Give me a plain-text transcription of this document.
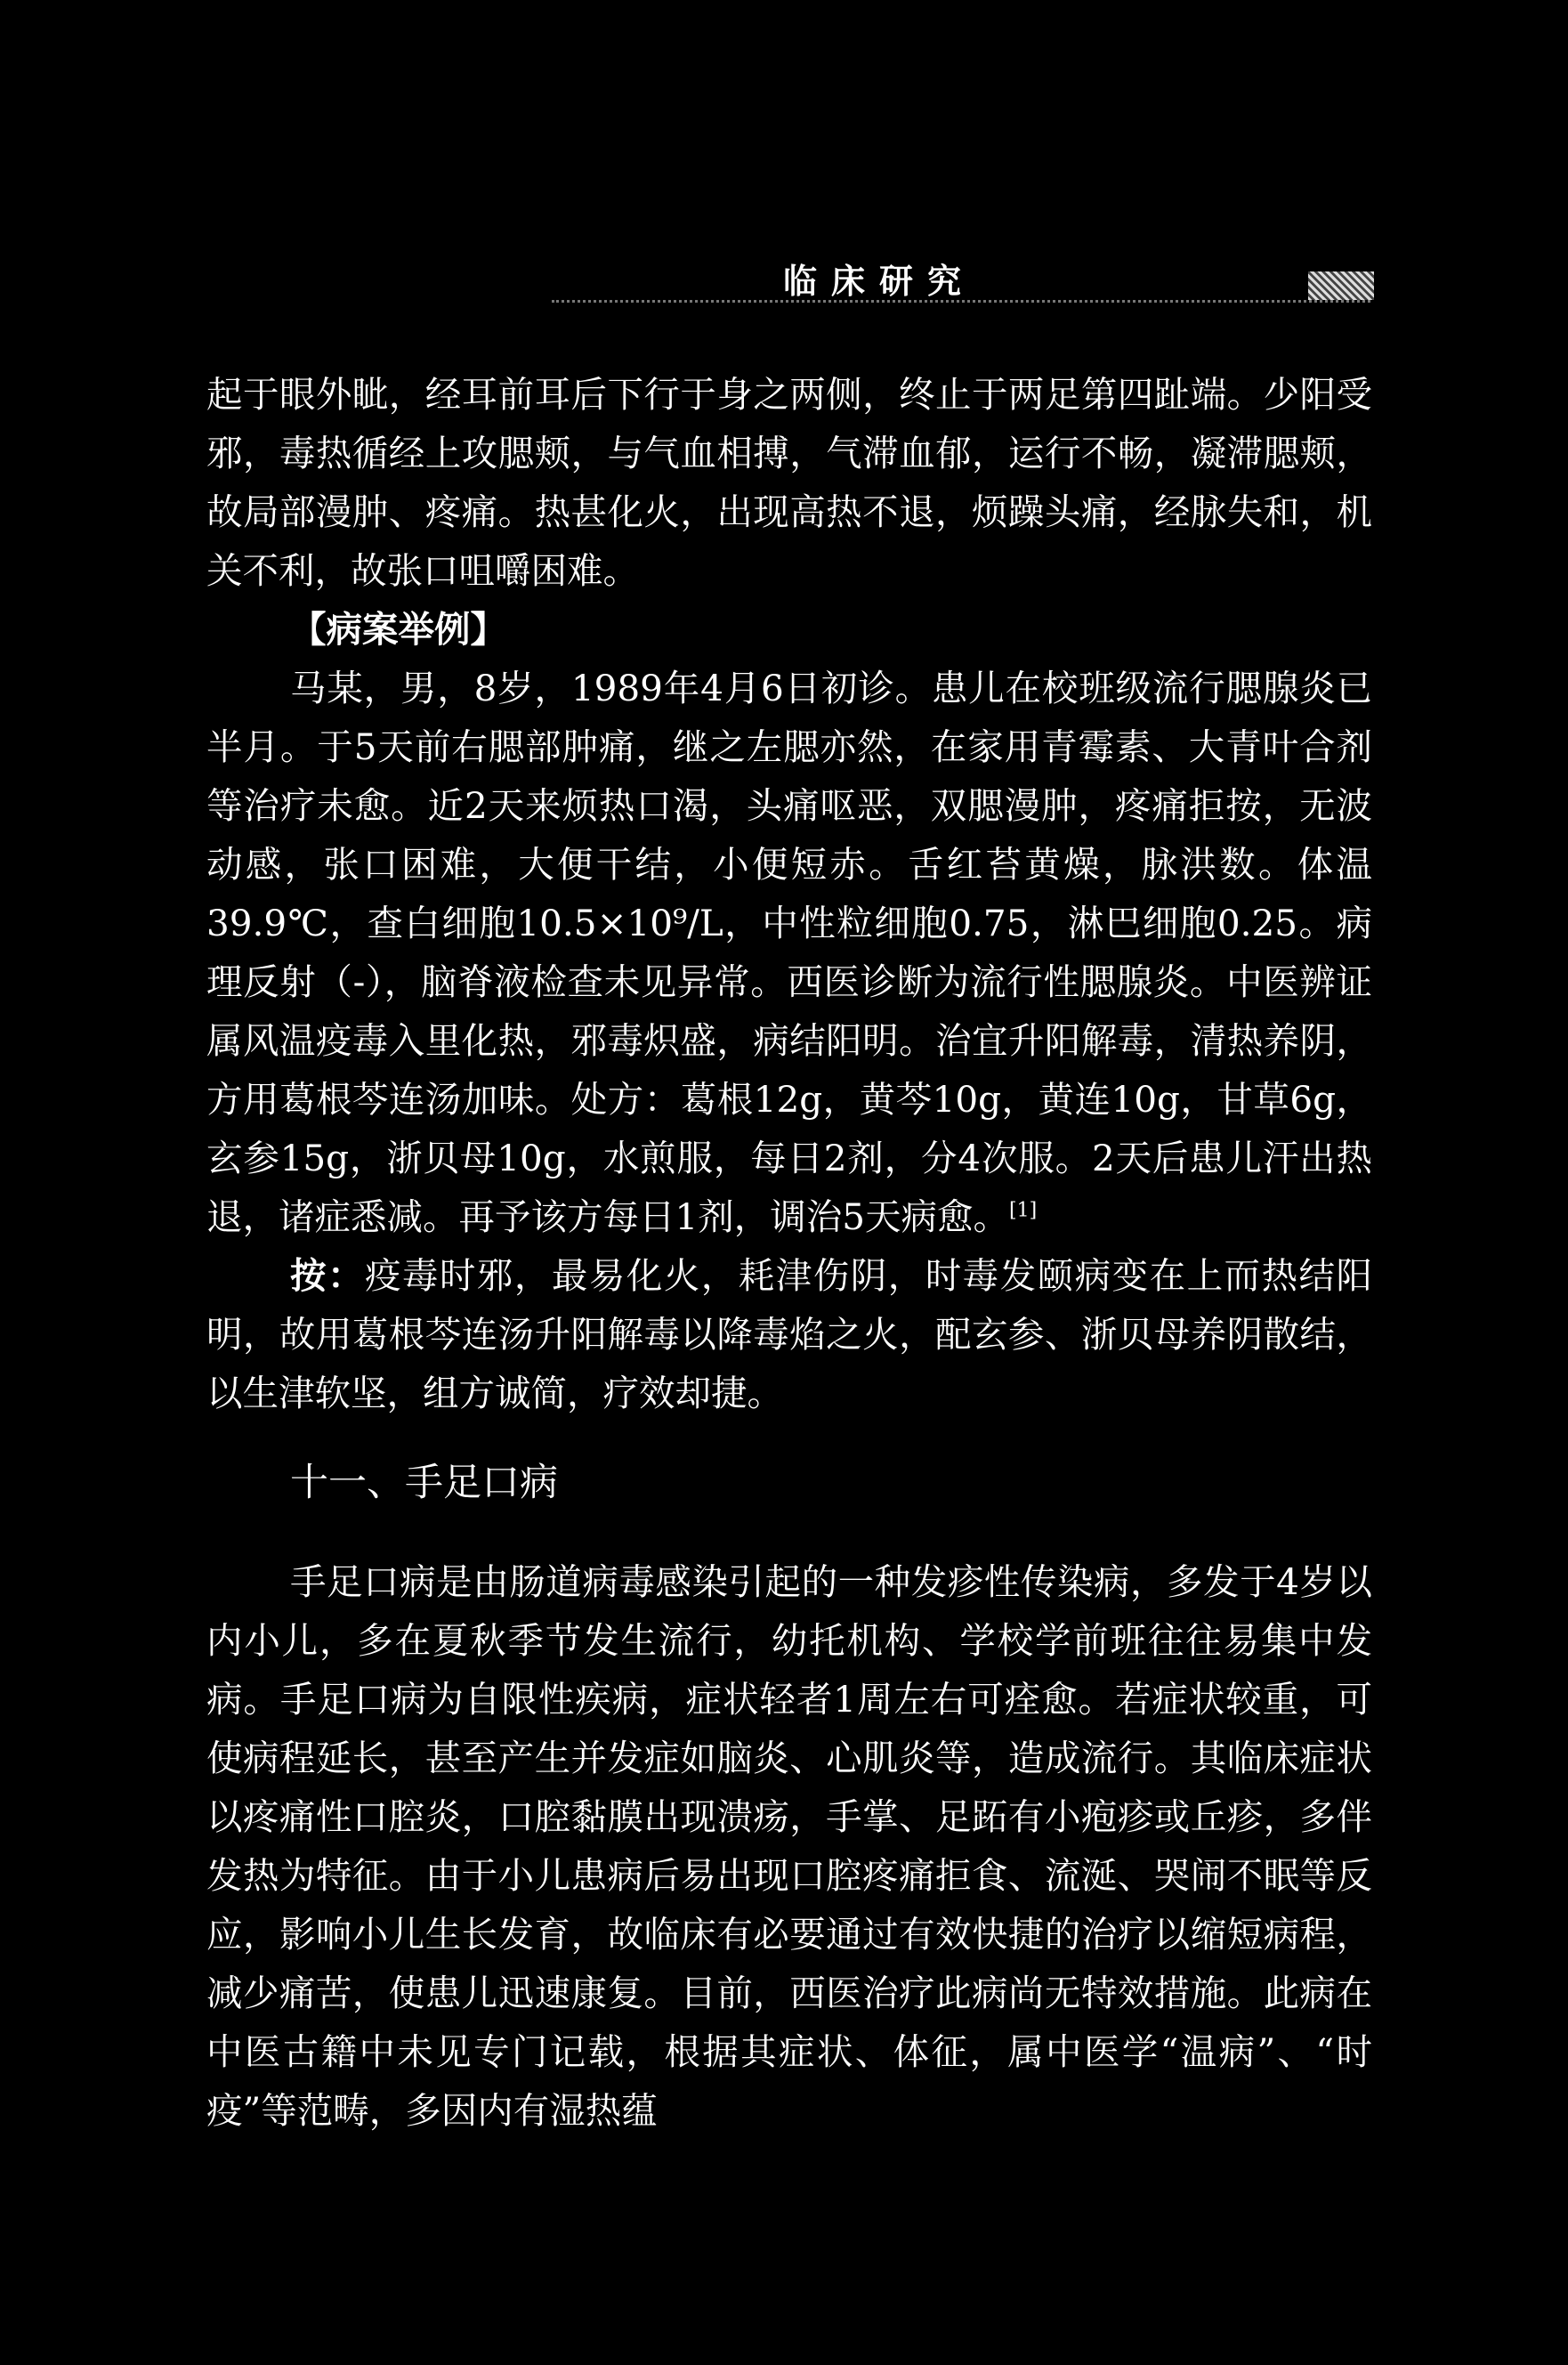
临床研究

起于眼外眦，经耳前耳后下行于身之两侧，终止于两足第四趾端。少阳受邪，毒热循经上攻腮颊，与气血相搏，气滞血郁，运行不畅，凝滞腮颊，故局部漫肿、疼痛。热甚化火，出现高热不退，烦躁头痛，经脉失和，机关不利，故张口咀嚼困难。

【病案举例】

马某，男，8岁，1989年4月6日初诊。患儿在校班级流行腮腺炎已半月。于5天前右腮部肿痛，继之左腮亦然，在家用青霉素、大青叶合剂等治疗未愈。近2天来烦热口渴，头痛呕恶，双腮漫肿，疼痛拒按，无波动感，张口困难，大便干结，小便短赤。舌红苔黄燥，脉洪数。体温39.9℃，查白细胞10.5×10⁹/L，中性粒细胞0.75，淋巴细胞0.25。病理反射（-），脑脊液检查未见异常。西医诊断为流行性腮腺炎。中医辨证属风温疫毒入里化热，邪毒炽盛，病结阳明。治宜升阳解毒，清热养阴，方用葛根芩连汤加味。处方：葛根12g，黄芩10g，黄连10g，甘草6g，玄参15g，浙贝母10g，水煎服，每日2剂，分4次服。2天后患儿汗出热退，诸症悉减。再予该方每日1剂，调治5天病愈。[1]

按：疫毒时邪，最易化火，耗津伤阴，时毒发颐病变在上而热结阳明，故用葛根芩连汤升阳解毒以降毒焰之火，配玄参、浙贝母养阴散结，以生津软坚，组方诚简，疗效却捷。

十一、手足口病

手足口病是由肠道病毒感染引起的一种发疹性传染病，多发于4岁以内小儿，多在夏秋季节发生流行，幼托机构、学校学前班往往易集中发病。手足口病为自限性疾病，症状轻者1周左右可痊愈。若症状较重，可使病程延长，甚至产生并发症如脑炎、心肌炎等，造成流行。其临床症状以疼痛性口腔炎，口腔黏膜出现溃疡，手掌、足跖有小疱疹或丘疹，多伴发热为特征。由于小儿患病后易出现口腔疼痛拒食、流涎、哭闹不眠等反应，影响小儿生长发育，故临床有必要通过有效快捷的治疗以缩短病程，减少痛苦，使患儿迅速康复。目前，西医治疗此病尚无特效措施。此病在中医古籍中未见专门记载，根据其症状、体征，属中医学“温病”、“时疫”等范畴，多因内有湿热蕴
